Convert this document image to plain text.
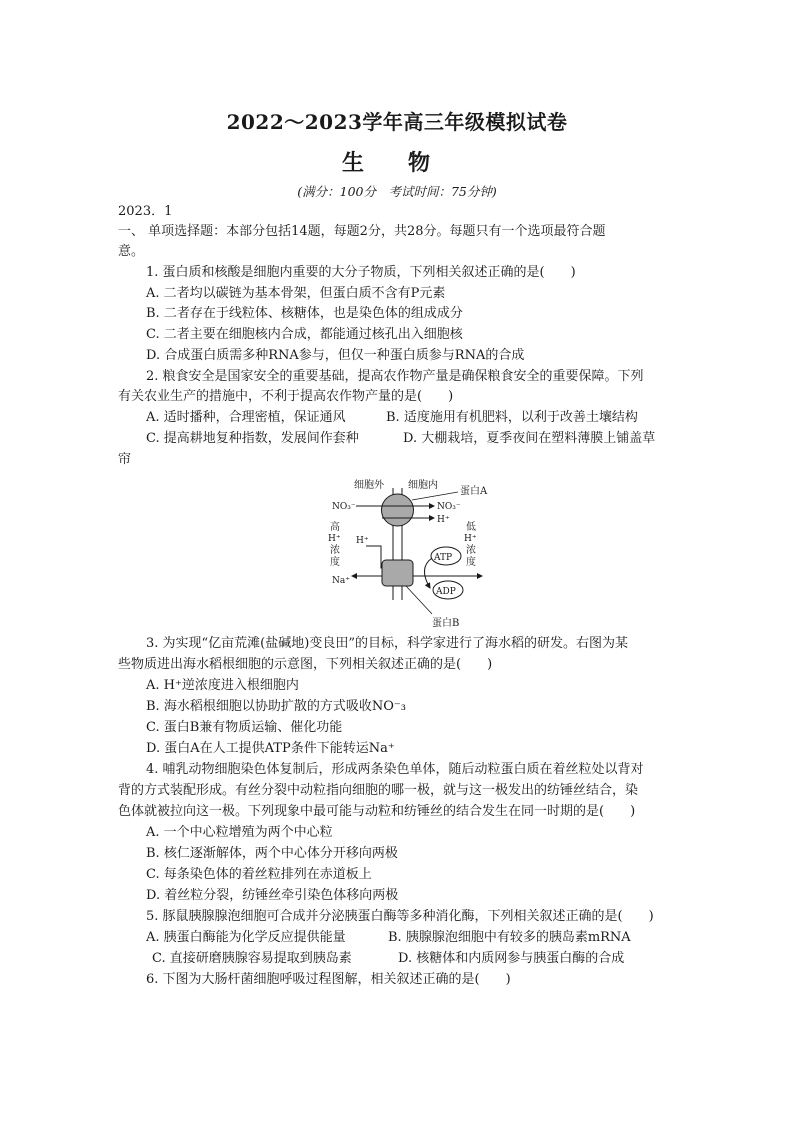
2022～2023学年高三年级模拟试卷
生物
(满分：100分　考试时间：75分钟)
2023．1
一、 单项选择题：本部分包括14题，每题2分，共28分。每题只有一个选项最符合题
意。
1. 蛋白质和核酸是细胞内重要的大分子物质，下列相关叙述正确的是(　　)
A. 二者均以碳链为基本骨架，但蛋白质不含有P元素
B. 二者存在于线粒体、核糖体，也是染色体的组成成分
C. 二者主要在细胞核内合成，都能通过核孔出入细胞核
D. 合成蛋白质需多种RNA参与，但仅一种蛋白质参与RNA的合成
2. 粮食安全是国家安全的重要基础，提高农作物产量是确保粮食安全的重要保障。下列
有关农业生产的措施中，不利于提高农作物产量的是(　　)
A. 适时播种，合理密植，保证通风	B. 适度施用有机肥料，以利于改善土壤结构
C. 提高耕地复种指数，发展间作套种	D. 大棚栽培，夏季夜间在塑料薄膜上铺盖草
帘
细胞外 细胞内
蛋白A
NO₃⁻	NO₃⁻
H⁺
高
H⁺
浓
度
低
H⁺
浓
度
H⁺
Na⁺
ATP
ADP
蛋白B
3. 为实现“亿亩荒滩(盐碱地)变良田”的目标，科学家进行了海水稻的研发。右图为某
些物质进出海水稻根细胞的示意图，下列相关叙述正确的是(　　)
A. H⁺逆浓度进入根细胞内
B. 海水稻根细胞以协助扩散的方式吸收NO⁻₃
C. 蛋白B兼有物质运输、催化功能
D. 蛋白A在人工提供ATP条件下能转运Na⁺
4. 哺乳动物细胞染色体复制后，形成两条染色单体，随后动粒蛋白质在着丝粒处以背对
背的方式装配形成。有丝分裂中动粒指向细胞的哪一极，就与这一极发出的纺锤丝结合，染
色体就被拉向这一极。下列现象中最可能与动粒和纺锤丝的结合发生在同一时期的是(　　)
A. 一个中心粒增殖为两个中心粒
B. 核仁逐渐解体，两个中心体分开移向两极
C. 每条染色体的着丝粒排列在赤道板上
D. 着丝粒分裂，纺锤丝牵引染色体移向两极
5. 豚鼠胰腺腺泡细胞可合成并分泌胰蛋白酶等多种消化酶，下列相关叙述正确的是(　　)
A. 胰蛋白酶能为化学反应提供能量	B. 胰腺腺泡细胞中有较多的胰岛素mRNA
C. 直接研磨胰腺容易提取到胰岛素	D. 核糖体和内质网参与胰蛋白酶的合成
6. 下图为大肠杆菌细胞呼吸过程图解，相关叙述正确的是(　　)
